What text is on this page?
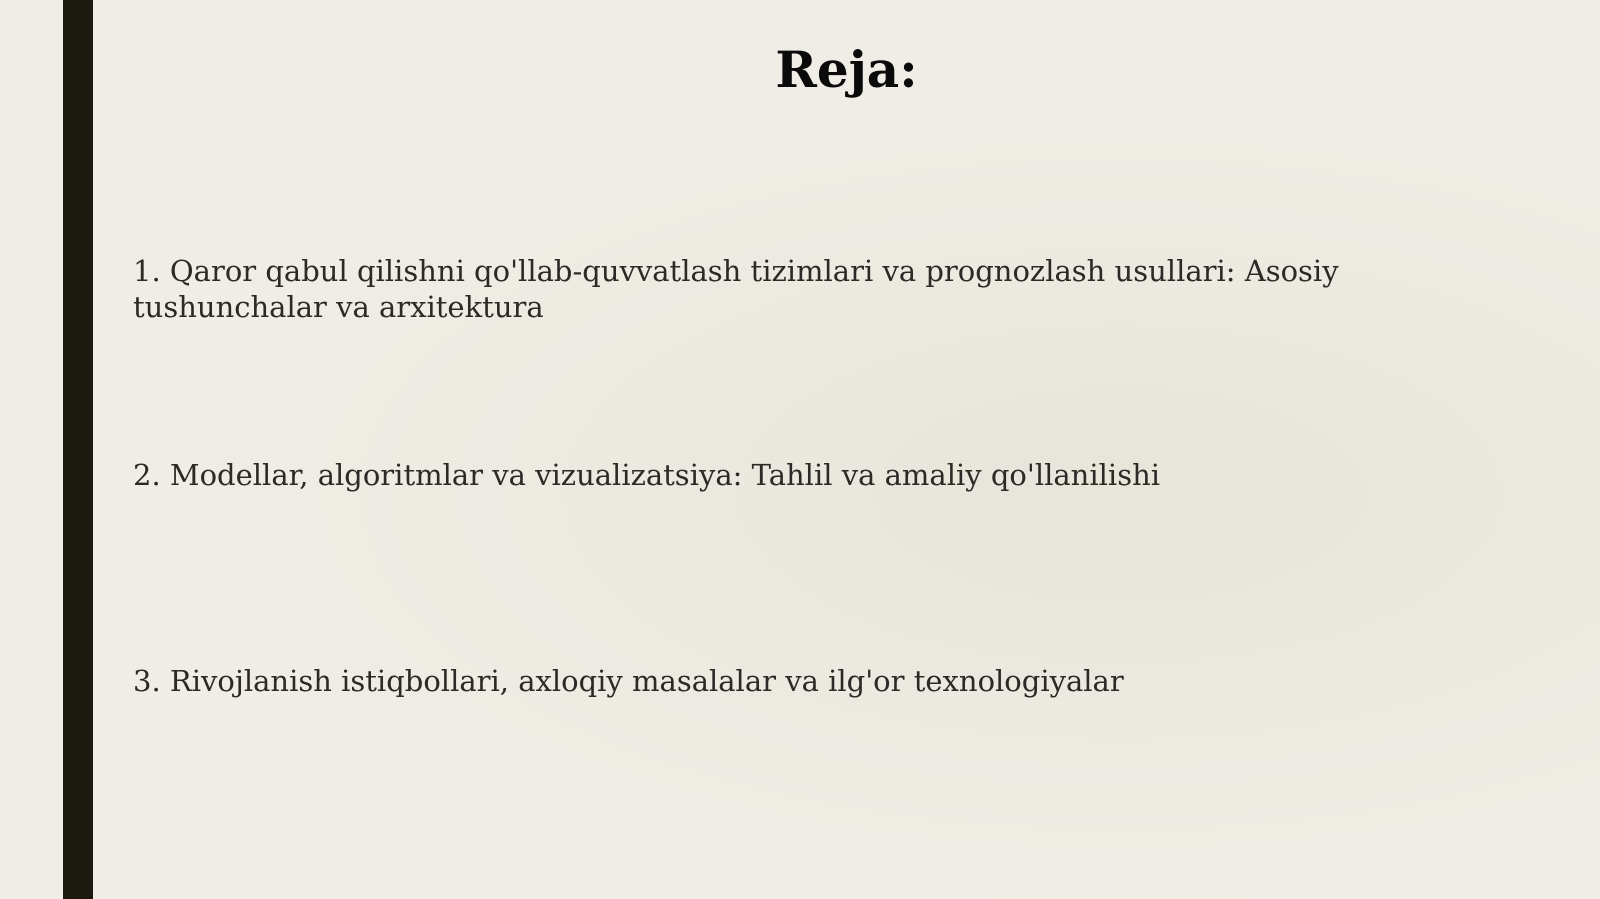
Reja:
1. Qaror qabul qilishni qo'llab-quvvatlash tizimlari va prognozlash usullari: Asosiy tushunchalar va arxitektura
2. Modellar, algoritmlar va vizualizatsiya: Tahlil va amaliy qo'llanilishi
3. Rivojlanish istiqbollari, axloqiy masalalar va ilg'or texnologiyalar
